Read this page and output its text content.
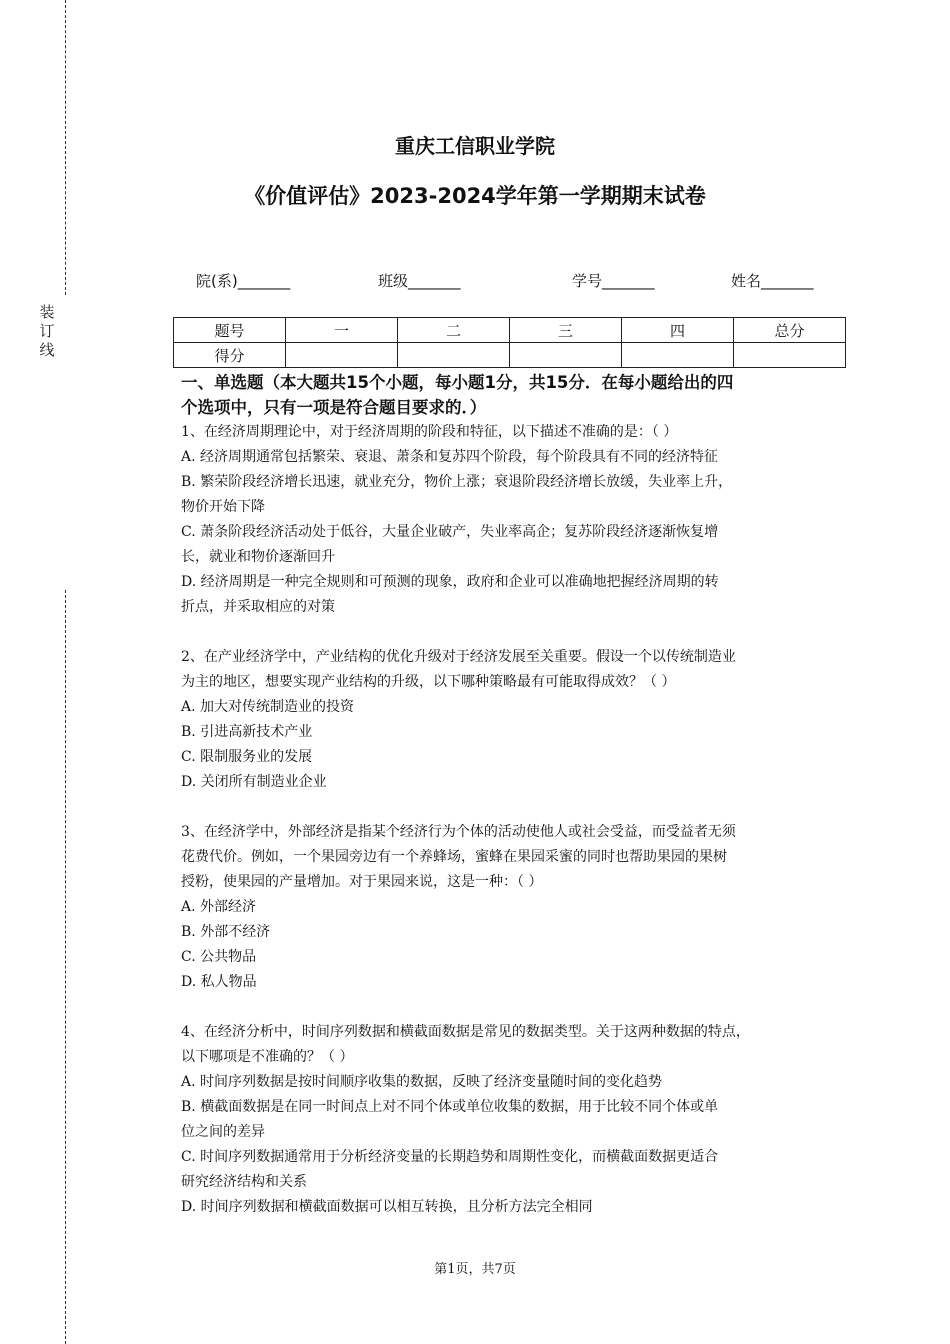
装
订
线
重庆工信职业学院
《价值评估》2023-2024学年第一学期期末试卷
院(系)_______	班级_______	学号_______	姓名_______
题号	一	二	三	四	总分
得分					

一、单选题（本大题共15个小题，每小题1分，共15分．在每小题给出的四

个选项中，只有一项是符合题目要求的．）

1、在经济周期理论中，对于经济周期的阶段和特征，以下描述不准确的是：（ ）

A. 经济周期通常包括繁荣、衰退、萧条和复苏四个阶段，每个阶段具有不同的经济特征

B. 繁荣阶段经济增长迅速，就业充分，物价上涨；衰退阶段经济增长放缓，失业率上升，

物价开始下降

C. 萧条阶段经济活动处于低谷，大量企业破产，失业率高企；复苏阶段经济逐渐恢复增

长，就业和物价逐渐回升

D. 经济周期是一种完全规则和可预测的现象，政府和企业可以准确地把握经济周期的转

折点，并采取相应的对策

2、在产业经济学中，产业结构的优化升级对于经济发展至关重要。假设一个以传统制造业

为主的地区，想要实现产业结构的升级，以下哪种策略最有可能取得成效？（ ）

A. 加大对传统制造业的投资

B. 引进高新技术产业

C. 限制服务业的发展

D. 关闭所有制造业企业

3、在经济学中，外部经济是指某个经济行为个体的活动使他人或社会受益，而受益者无须

花费代价。例如，一个果园旁边有一个养蜂场，蜜蜂在果园采蜜的同时也帮助果园的果树

授粉，使果园的产量增加。对于果园来说，这是一种：（ ）

A. 外部经济

B. 外部不经济

C. 公共物品

D. 私人物品

4、在经济分析中，时间序列数据和横截面数据是常见的数据类型。关于这两种数据的特点，

以下哪项是不准确的？（ ）

A. 时间序列数据是按时间顺序收集的数据，反映了经济变量随时间的变化趋势

B. 横截面数据是在同一时间点上对不同个体或单位收集的数据，用于比较不同个体或单

位之间的差异

C. 时间序列数据通常用于分析经济变量的长期趋势和周期性变化，而横截面数据更适合

研究经济结构和关系

D. 时间序列数据和横截面数据可以相互转换，且分析方法完全相同

第1页，共7页
